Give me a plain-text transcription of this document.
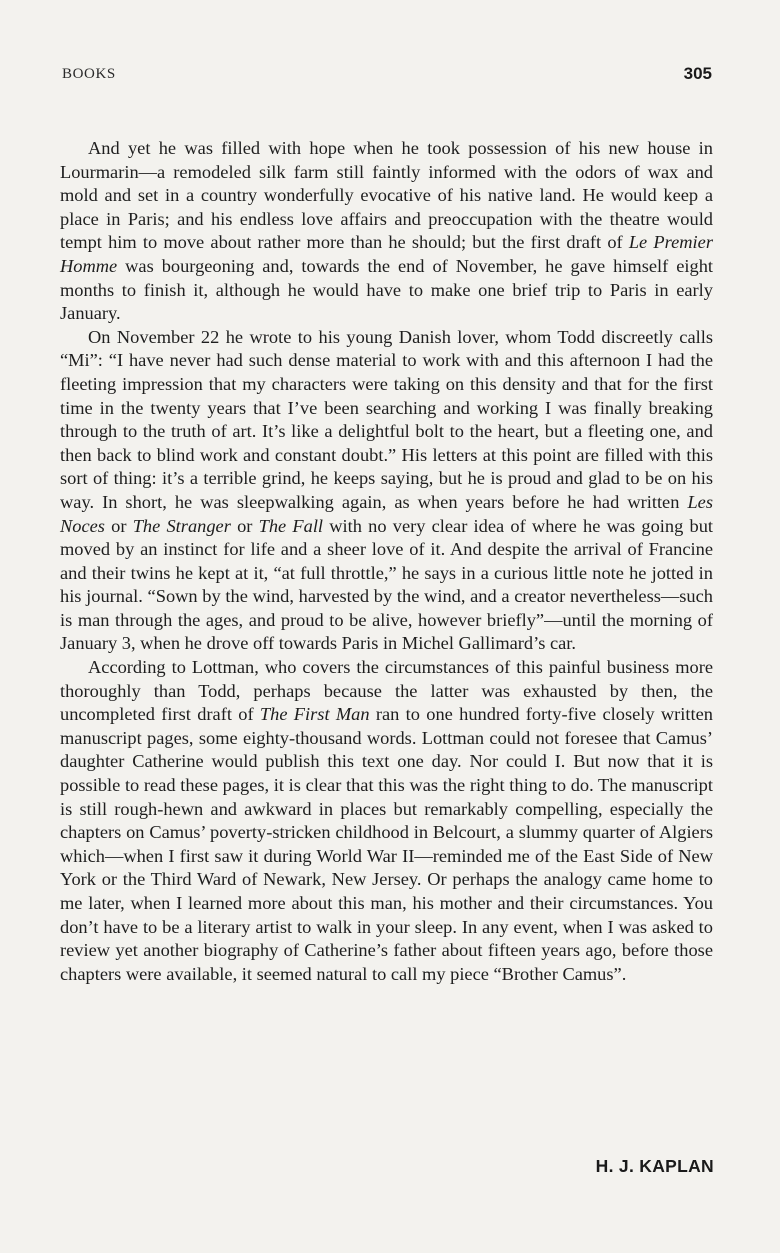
BOOKS	305

And yet he was filled with hope when he took possession of his new house in Lourmarin—a remodeled silk farm still faintly informed with the odors of wax and mold and set in a country wonderfully evocative of his native land. He would keep a place in Paris; and his endless love affairs and preoccupation with the theatre would tempt him to move about rather more than he should; but the first draft of Le Premier Homme was bourgeoning and, towards the end of November, he gave himself eight months to finish it, although he would have to make one brief trip to Paris in early January.

On November 22 he wrote to his young Danish lover, whom Todd discreetly calls “Mi”: “I have never had such dense material to work with and this afternoon I had the fleeting impression that my characters were taking on this density and that for the first time in the twenty years that I’ve been searching and working I was finally breaking through to the truth of art. It’s like a delightful bolt to the heart, but a fleeting one, and then back to blind work and constant doubt.” His letters at this point are filled with this sort of thing: it’s a terrible grind, he keeps saying, but he is proud and glad to be on his way. In short, he was sleepwalking again, as when years before he had written Les Noces or The Stranger or The Fall with no very clear idea of where he was going but moved by an instinct for life and a sheer love of it. And despite the arrival of Francine and their twins he kept at it, “at full throttle,” he says in a curious little note he jotted in his journal. “Sown by the wind, harvested by the wind, and a creator nevertheless—such is man through the ages, and proud to be alive, however briefly”—until the morning of January 3, when he drove off towards Paris in Michel Gallimard’s car.

According to Lottman, who covers the circumstances of this painful business more thoroughly than Todd, perhaps because the latter was exhausted by then, the uncompleted first draft of The First Man ran to one hundred forty-five closely written manuscript pages, some eighty-thousand words. Lottman could not foresee that Camus’ daughter Catherine would publish this text one day. Nor could I. But now that it is possible to read these pages, it is clear that this was the right thing to do. The manuscript is still rough-hewn and awkward in places but remarkably compelling, especially the chapters on Camus’ poverty-stricken childhood in Belcourt, a slummy quarter of Algiers which—when I first saw it during World War II—reminded me of the East Side of New York or the Third Ward of Newark, New Jersey. Or perhaps the analogy came home to me later, when I learned more about this man, his mother and their circumstances. You don’t have to be a literary artist to walk in your sleep. In any event, when I was asked to review yet another biography of Catherine’s father about fifteen years ago, before those chapters were available, it seemed natural to call my piece “Brother Camus”.

H. J. KAPLAN
